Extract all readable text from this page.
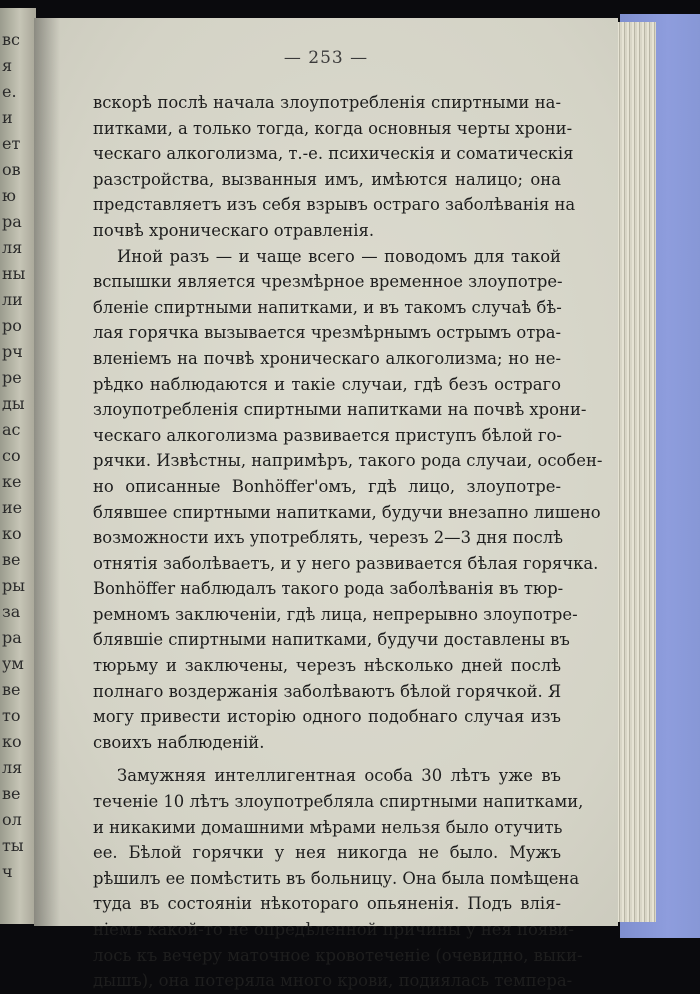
вс
я
е.
и
ет
ов
ю
ра
ля
ны
ли
ро
рч
ре
ды
ас
со
ке
ие
ко
ве
ры
за
ра
ум
ве
то
ко
ля
ве
ол
ты
ч
— 253 —
вскорѣ послѣ начала злоупотребленія спиртными на-
питками, а только тогда, когда основныя черты хрони-
ческаго алкоголизма, т.-е. психическія и соматическія
разстройства, вызванныя имъ, имѣются налицо; она
представляетъ изъ себя взрывъ остраго заболѣванія на
почвѣ хроническаго отравленія.
Иной разъ — и чаще всего — поводомъ для такой
вспышки является чрезмѣрное временное злоупотре-
бленіе спиртными напитками, и въ такомъ случаѣ бѣ-
лая горячка вызывается чрезмѣрнымъ острымъ отра-
вленіемъ на почвѣ хроническаго алкоголизма; но не-
рѣдко наблюдаются и такіе случаи, гдѣ безъ остраго
злоупотребленія спиртными напитками на почвѣ хрони-
ческаго алкоголизма развивается приступъ бѣлой го-
рячки. Извѣстны, напримѣръ, такого рода случаи, особен-
но описанные Bonhöffer'омъ, гдѣ лицо, злоупотре-
блявшее спиртными напитками, будучи внезапно лишено
возможности ихъ употреблять, черезъ 2—3 дня послѣ
отнятія заболѣваетъ, и у него развивается бѣлая горячка.
Bonhöffer наблюдалъ такого рода заболѣванія въ тюр-
ремномъ заключеніи, гдѣ лица, непрерывно злоупотре-
блявшіе спиртными напитками, будучи доставлены въ
тюрьму и заключены, черезъ нѣсколько дней послѣ
полнаго воздержанія заболѣваютъ бѣлой горячкой. Я
могу привести исторію одного подобнаго случая изъ
своихъ наблюденій.
Замужняя интеллигентная особа 30 лѣтъ уже въ
теченіе 10 лѣтъ злоупотребляла спиртными напитками,
и никакими домашними мѣрами нельзя было отучить
ее. Бѣлой горячки у нея никогда не было. Мужъ
рѣшилъ ее помѣстить въ больницу. Она была помѣщена
туда въ состояніи нѣкотораго опьяненія. Подъ влія-
ніемъ какой-то не опредѣленной причины у нея появи-
лось къ вечеру маточное кровотеченіе (очевидно, выки-
дышъ), она потеряла много крови, подиялась темпера-
